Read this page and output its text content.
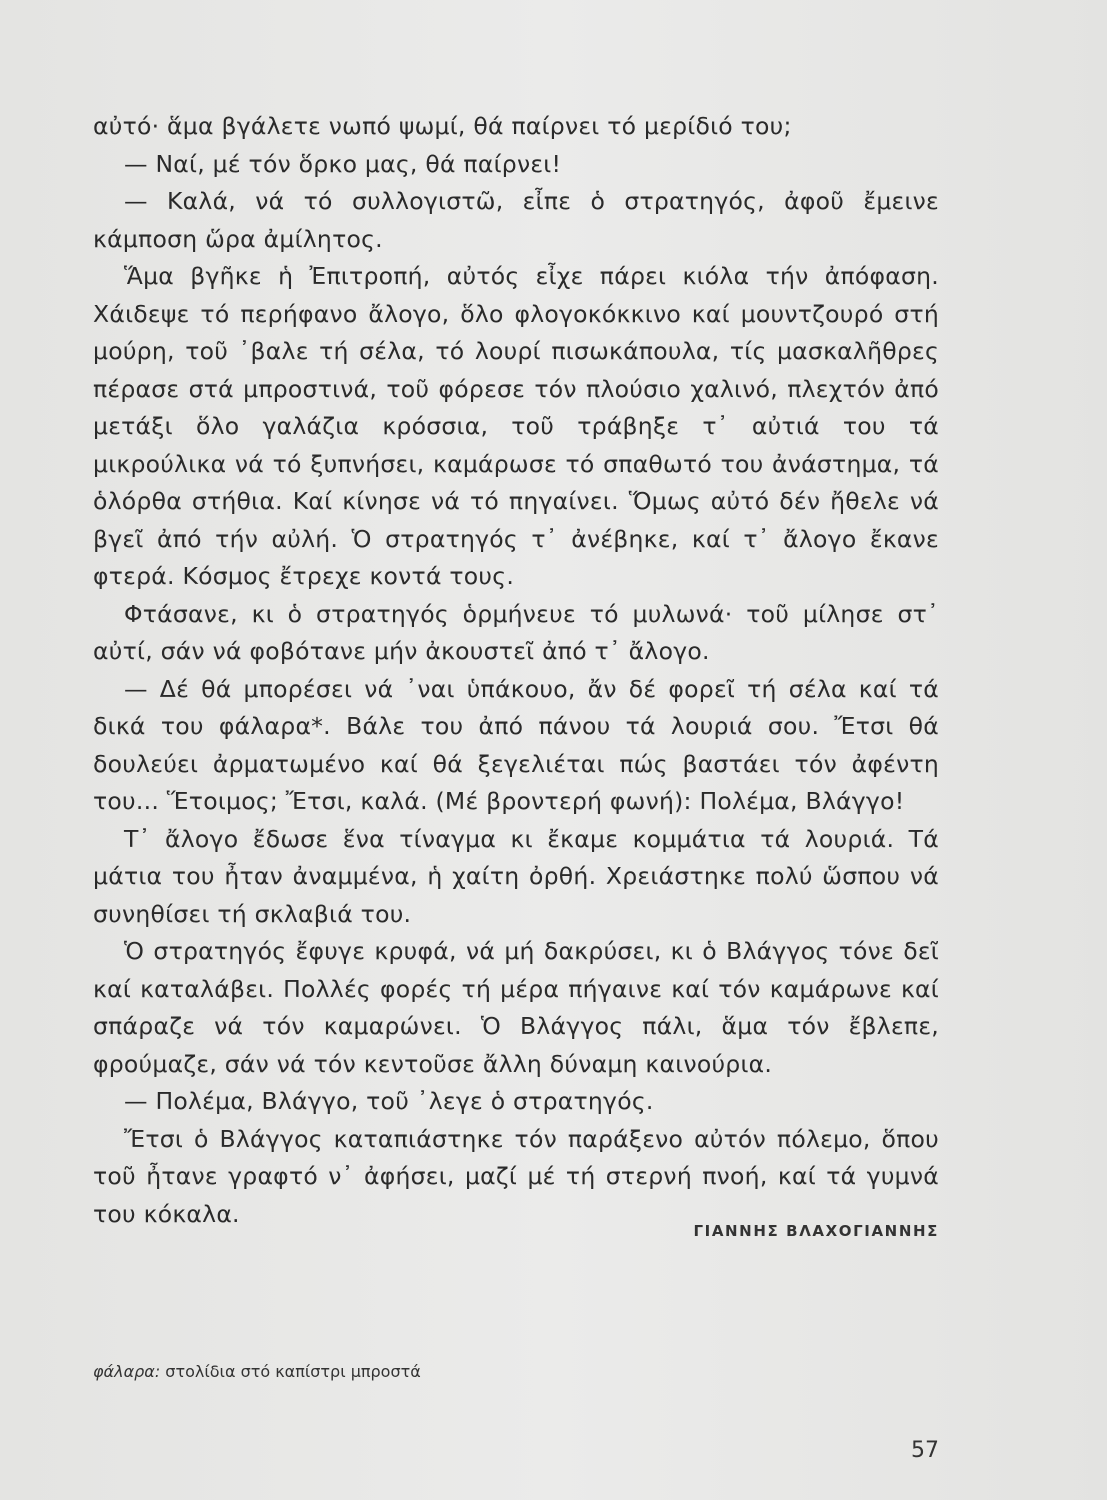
αὐτό· ἅμα βγάλετε νωπό ψωμί, θά παίρνει τό μερίδιό του;

— Ναί, μέ τόν ὅρκο μας, θά παίρνει!

— Καλά, νά τό συλλογιστῶ, εἶπε ὁ στρατηγός, ἀφοῦ ἔμεινε κάμποση ὥρα ἀμίλητος.

Ἅμα βγῆκε ἡ Ἐπιτροπή, αὐτός εἶχε πάρει κιόλα τήν ἀπόφαση. Χάιδεψε τό περήφανο ἄλογο, ὅλο φλογοκόκκινο καί μουντζουρό στή μούρη, τοῦ ᾽βαλε τή σέλα, τό λουρί πισωκάπουλα, τίς μασκαλῆθρες πέρασε στά μπροστινά, τοῦ φόρεσε τόν πλούσιο χαλινό, πλεχτόν ἀπό μετάξι ὅλο γαλάζια κρόσσια, τοῦ τράβηξε τ᾽ αὐτιά του τά μικρούλικα νά τό ξυπνήσει, καμάρωσε τό σπαθωτό του ἀνάστημα, τά ὁλόρθα στήθια. Καί κίνησε νά τό πηγαίνει. Ὅμως αὐτό δέν ἤθελε νά βγεῖ ἀπό τήν αὐλή. Ὁ στρατηγός τ᾽ ἀνέβηκε, καί τ᾽ ἄλογο ἔκανε φτερά. Κόσμος ἔτρεχε κοντά τους.

Φτάσανε, κι ὁ στρατηγός ὁρμήνευε τό μυλωνά· τοῦ μίλησε στ᾽ αὐτί, σάν νά φοβότανε μήν ἀκουστεῖ ἀπό τ᾽ ἄλογο.

— Δέ θά μπορέσει νά ᾽ναι ὑπάκουο, ἄν δέ φορεῖ τή σέλα καί τά δικά του φάλαρα*. Βάλε του ἀπό πάνου τά λουριά σου. Ἔτσι θά δουλεύει ἀρματωμένο καί θά ξεγελιέται πώς βαστάει τόν ἀφέντη του... Ἕτοιμος; Ἔτσι, καλά. (Μέ βροντερή φωνή): Πολέμα, Βλάγγο!

Τ᾽ ἄλογο ἔδωσε ἕνα τίναγμα κι ἔκαμε κομμάτια τά λουριά. Τά μάτια του ἦταν ἀναμμένα, ἡ χαίτη ὀρθή. Χρειάστηκε πολύ ὥσπου νά συνηθίσει τή σκλαβιά του.

Ὁ στρατηγός ἔφυγε κρυφά, νά μή δακρύσει, κι ὁ Βλάγγος τόνε δεῖ καί καταλάβει. Πολλές φορές τή μέρα πήγαινε καί τόν καμάρωνε καί σπάραζε νά τόν καμαρώνει. Ὁ Βλάγγος πάλι, ἅμα τόν ἔβλεπε, φρούμαζε, σάν νά τόν κεντοῦσε ἄλλη δύναμη καινούρια.

— Πολέμα, Βλάγγο, τοῦ ᾽λεγε ὁ στρατηγός.

Ἔτσι ὁ Βλάγγος καταπιάστηκε τόν παράξενο αὐτόν πόλεμο, ὅπου τοῦ ἦτανε γραφτό ν᾽ ἀφήσει, μαζί μέ τή στερνή πνοή, καί τά γυμνά του κόκαλα.

ΓΙΑΝΝΗΣ ΒΛΑΧΟΓΙΑΝΝΗΣ
φάλαρα: στολίδια στό καπίστρι μπροστά
57
